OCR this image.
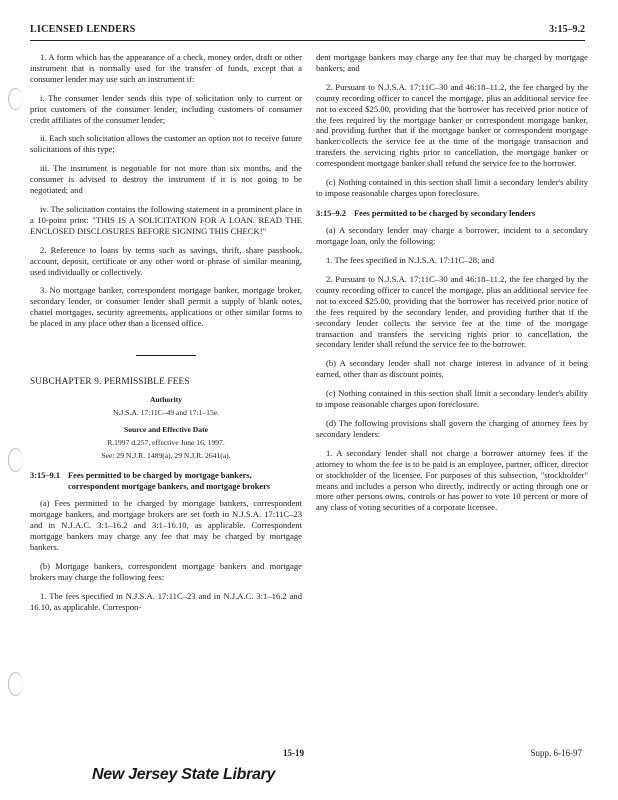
LICENSED LENDERS	3:15–9.2

1. A form which has the appearance of a check, money order, draft or other instrument that is normally used for the transfer of funds, except that a consumer lender may use such an instrument if:

i. The consumer lender sends this type of solicitation only to current or prior customers of the consumer lender, including customers of consumer credit affiliates of the consumer lender;

ii. Each such solicitation allows the customer an option not to receive future solicitations of this type;

iii. The instrument is negotiable for not more than six months, and the consumer is advised to destroy the instrument if it is not going to be negotiated; and

iv. The solicitation contains the following statement in a prominent place in a 10-point print: "THIS IS A SOLICITATION FOR A LOAN. READ THE ENCLOSED DISCLOSURES BEFORE SIGNING THIS CHECK!"

2. Reference to loans by terms such as savings, thrift, share passbook, account, deposit, certificate or any other word or phrase of similar meaning, used individually or collectively.

3. No mortgage banker, correspondent mortgage banker, mortgage broker, secondary lender, or consumer lender shall permit a supply of blank notes, chattel mortgages, security agreements, applications or other similar forms to be placed in any place other than a licensed office.

SUBCHAPTER 9. PERMISSIBLE FEES

Authority
N.J.S.A. 17:11C–49 and 17:1–15e.
Source and Effective Date
R.1997 d.257, effective June 16, 1997.
See: 29 N.J.R. 1489(a), 29 N.J.R. 2641(a).
3:15–9.1 Fees permitted to be charged by mortgage bankers, correspondent mortgage bankers, and mortgage brokers

(a) Fees permitted to be charged by mortgage bankers, correspondent mortgage bankers, and mortgage brokers are set forth in N.J.S.A. 17:11C–23 and in N.J.A.C. 3:1–16.2 and 3:1–16.10, as applicable. Correspondent mortgage bankers may charge any fee that may be charged by mortgage bankers.

(b) Mortgage bankers, correspondent mortgage bankers and mortgage brokers may charge the following fees:

1. The fees specified in N.J.S.A. 17:11C–23 and in N.J.A.C. 3:1–16.2 and 16.10, as applicable. Correspon-

dent mortgage bankers may charge any fee that may be charged by mortgage bankers; and

2. Pursuant to N.J.S.A. 17:11C–30 and 46:18–11.2, the fee charged by the county recording officer to cancel the mortgage, plus an additional service fee not to exceed $25.00, providing that the borrower has received prior notice of the fees required by the mortgage banker or correspondent mortgage banker, and providing further that if the mortgage banker or correspondent mortgage banker/collects the service fee at the time of the mortgage transaction and transfers the servicing rights prior to cancellation, the mortgage banker or correspondent mortgage banker shall refund the service fee to the borrower.

(c) Nothing contained in this section shall limit a secondary lender's ability to impose reasonable charges upon foreclosure.

3:15–9.2 Fees permitted to be charged by secondary lenders

(a) A secondary lender may charge a borrower, incident to a secondary mortgage loan, only the following:

1. The fees specified in N.J.S.A. 17:11C–28; and

2. Pursuant to N.J.S.A. 17:11C–30 and 46:18–11.2, the fee charged by the county recording officer to cancel the mortgage, plus an additional service fee not to exceed $25.00, providing that the borrower has received prior notice of the fees required by the secondary lender, and providing further that if the secondary lender collects the service fee at the time of the mortgage transaction and transfers the servicing rights prior to cancellation, the secondary lender shall refund the service fee to the borrower.

(b) A secondary lender shall not charge interest in advance of it being earned, other than as discount points.

(c) Nothing contained in this section shall limit a secondary lender's ability to impose reasonable charges upon foreclosure.

(d) The following provisions shall govern the charging of attorney fees by secondary lenders:

1. A secondary lender shall not charge a borrower attorney fees if the attorney to whom the fee is to be paid is an employee, partner, officer, director or stockholder of the licensee. For purposes of this subsection, "stockholder" means and includes a person who directly, indirectly or acting through one or more other persons owns, controls or has power to vote 10 percent or more of any class of voting securities of a corporate licensee.

15-19	Supp. 6-16-97
New Jersey State Library
